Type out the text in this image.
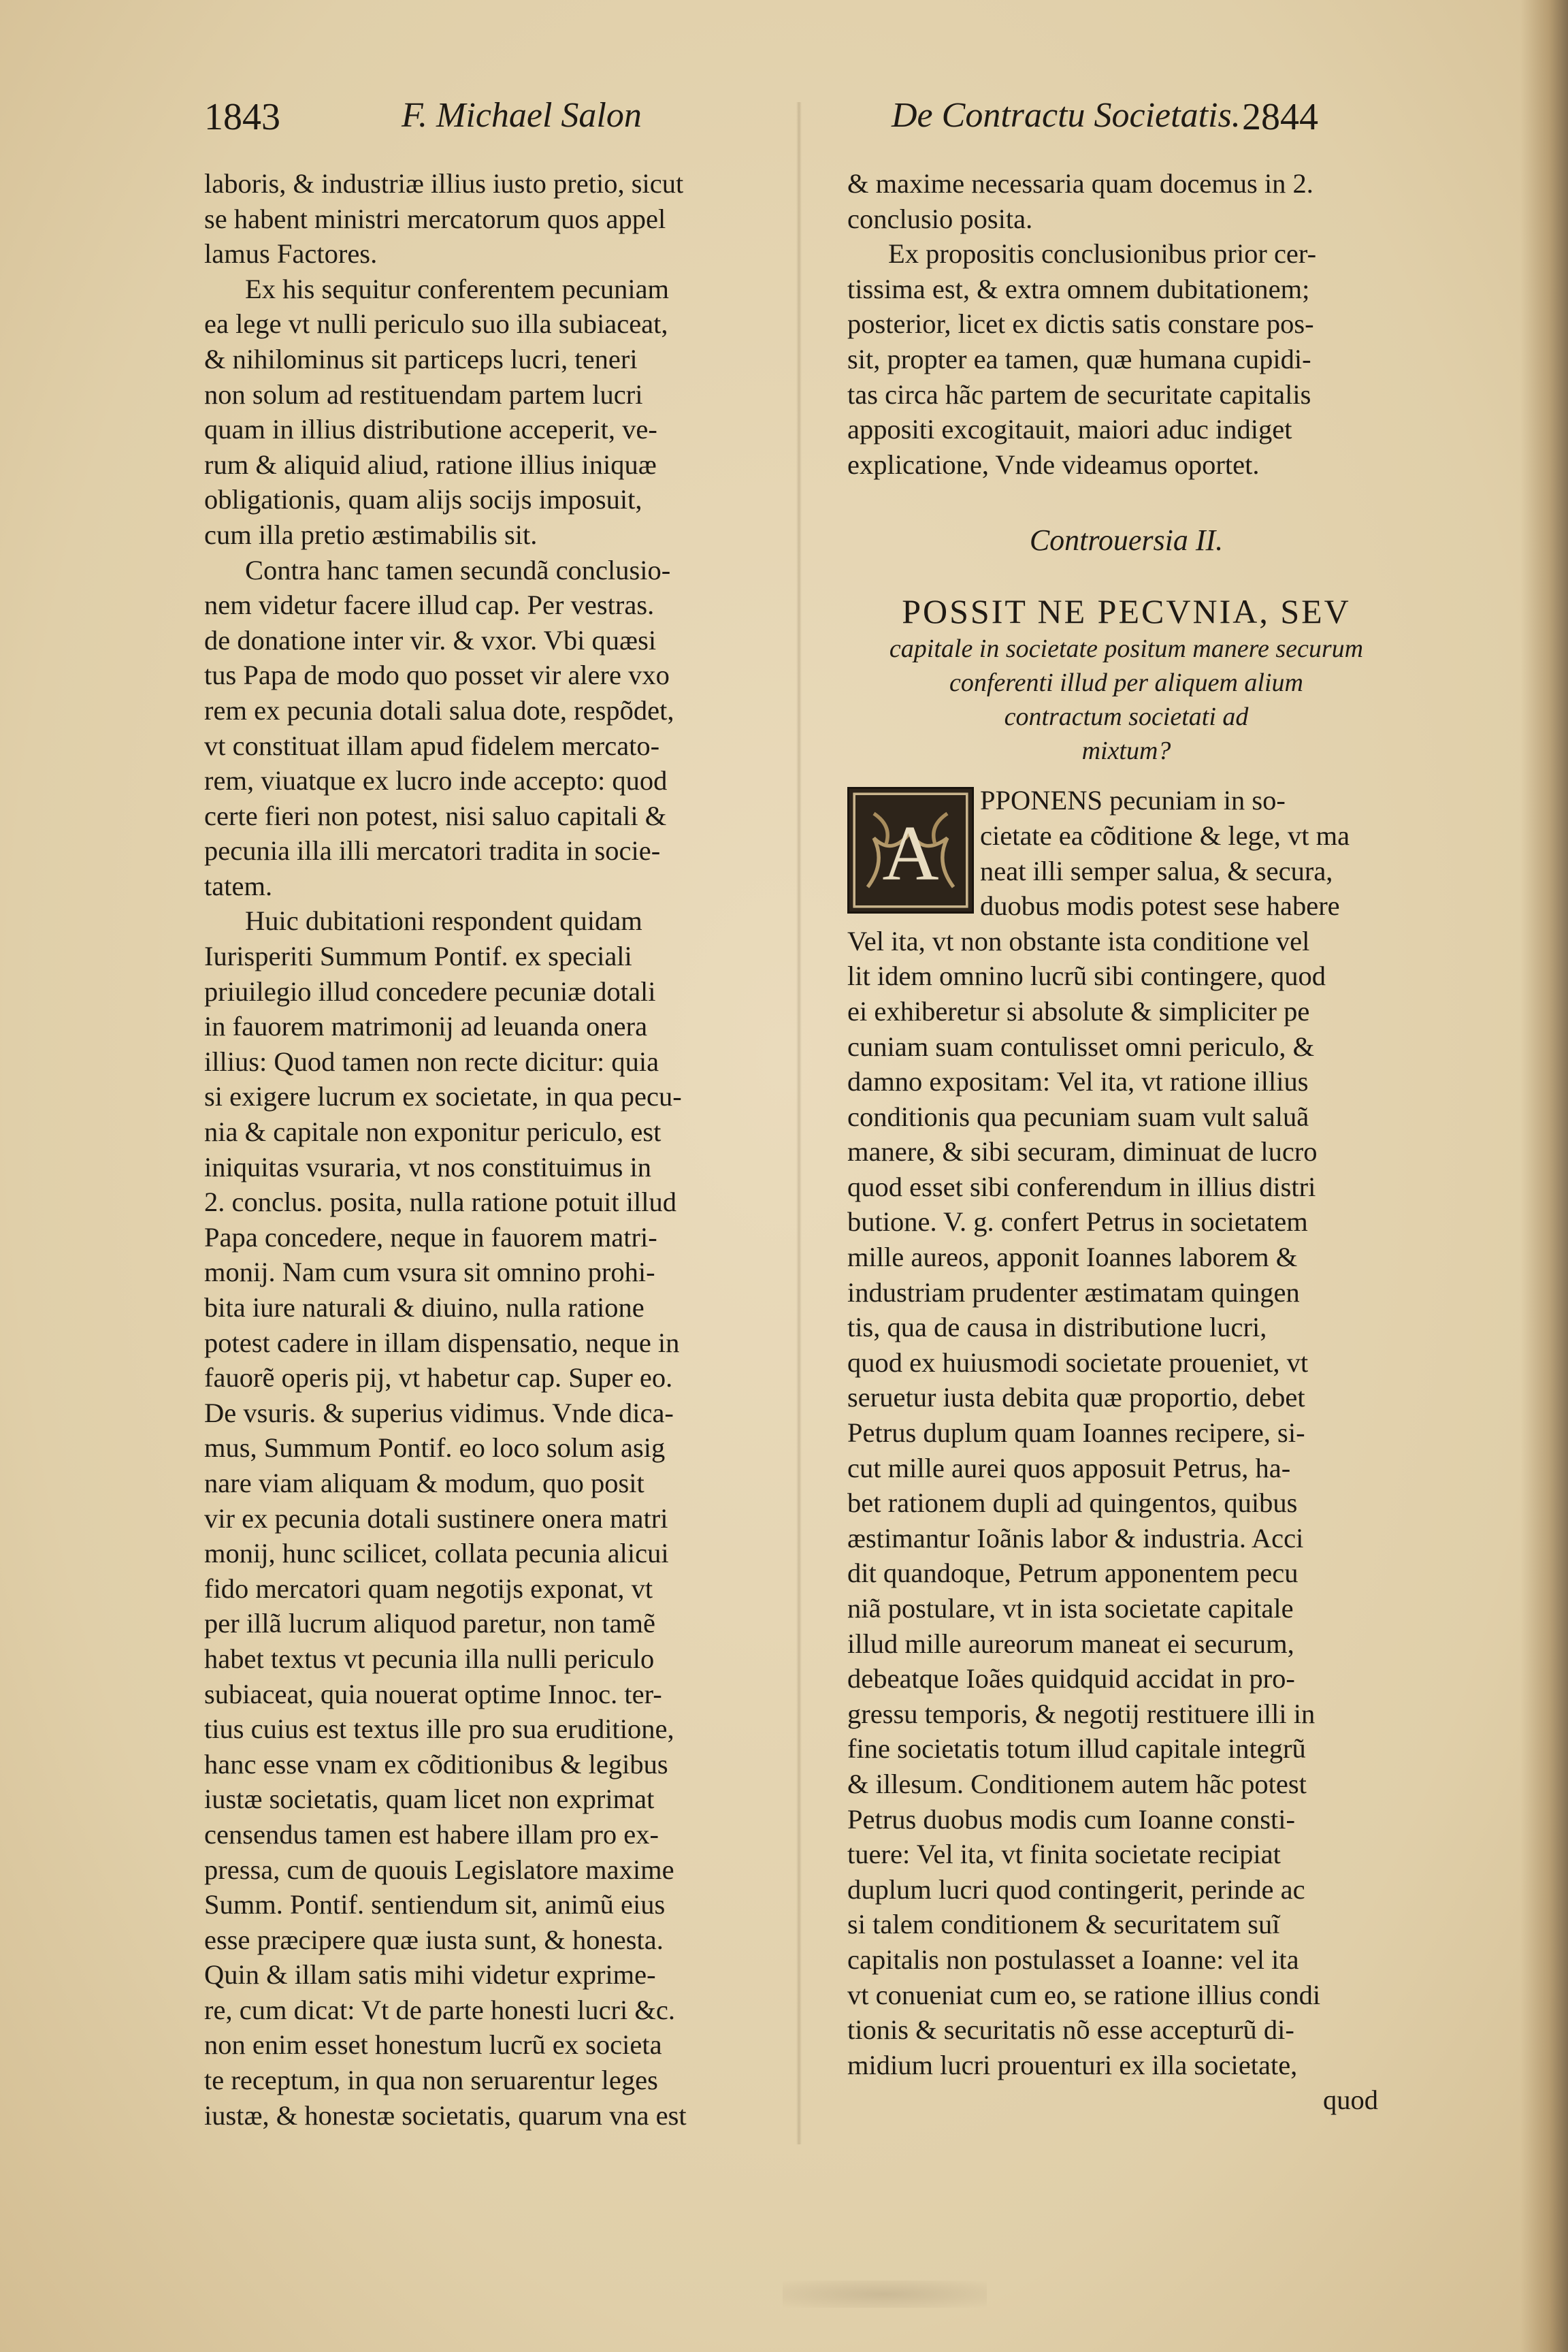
1843	F. Michael Salon	De Contractu Societatis. 2844
laboris, & industriæ illius iusto pretio, sicut
se habent ministri mercatorum quos appel
lamus Factores.
Ex his sequitur conferentem pecuniam
ea lege vt nulli periculo suo illa subiaceat,
& nihilominus sit particeps lucri, teneri
non solum ad restituendam partem lucri
quam in illius distributione acceperit, ve-
rum & aliquid aliud, ratione illius iniquæ
obligationis, quam alijs socijs imposuit,
cum illa pretio æstimabilis sit.
Contra hanc tamen secundã conclusio-
nem videtur facere illud cap. Per vestras.
de donatione inter vir. & vxor. Vbi quæsi
tus Papa de modo quo posset vir alere vxo
rem ex pecunia dotali salua dote, respõdet,
vt constituat illam apud fidelem mercato-
rem, viuatque ex lucro inde accepto: quod
certe fieri non potest, nisi saluo capitali &
pecunia illa illi mercatori tradita in socie-
tatem.
Huic dubitationi respondent quidam
Iurisperiti Summum Pontif. ex speciali
priuilegio illud concedere pecuniæ dotali
in fauorem matrimonij ad leuanda onera
illius: Quod tamen non recte dicitur: quia
si exigere lucrum ex societate, in qua pecu-
nia & capitale non exponitur periculo, est
iniquitas vsuraria, vt nos constituimus in
2. conclus. posita, nulla ratione potuit illud
Papa concedere, neque in fauorem matri-
monij. Nam cum vsura sit omnino prohi-
bita iure naturali & diuino, nulla ratione
potest cadere in illam dispensatio, neque in
fauorẽ operis pij, vt habetur cap. Super eo.
De vsuris. & superius vidimus. Vnde dica-
mus, Summum Pontif. eo loco solum asig
nare viam aliquam & modum, quo posit
vir ex pecunia dotali sustinere onera matri
monij, hunc scilicet, collata pecunia alicui
fido mercatori quam negotijs exponat, vt
per illã lucrum aliquod paretur, non tamẽ
habet textus vt pecunia illa nulli periculo
subiaceat, quia nouerat optime Innoc. ter-
tius cuius est textus ille pro sua eruditione,
hanc esse vnam ex cõditionibus & legibus
iustæ societatis, quam licet non exprimat
censendus tamen est habere illam pro ex-
pressa, cum de quouis Legislatore maxime
Summ. Pontif. sentiendum sit, animũ eius
esse præcipere quæ iusta sunt, & honesta.
Quin & illam satis mihi videtur exprime-
re, cum dicat: Vt de parte honesti lucri &c.
non enim esset honestum lucrũ ex societa
te receptum, in qua non seruarentur leges
iustæ, & honestæ societatis, quarum vna est
& maxime necessaria quam docemus in 2.
conclusio posita.
Ex propositis conclusionibus prior cer-
tissima est, & extra omnem dubitationem;
posterior, licet ex dictis satis constare pos-
sit, propter ea tamen, quæ humana cupidi-
tas circa hãc partem de securitate capitalis
appositi excogitauit, maiori aduc indiget
explicatione, Vnde videamus oportet.
Controuersia II.
POSSIT NE PECVNIA, SEV
capitale in societate positum manere securum
conferenti illud per aliquem alium
contractum societati ad
mixtum?
A
PPONENS pecuniam in so-
cietate ea cõditione & lege, vt ma
neat illi semper salua, & secura,
duobus modis potest sese habere
Vel ita, vt non obstante ista conditione vel
lit idem omnino lucrũ sibi contingere, quod
ei exhiberetur si absolute & simpliciter pe
cuniam suam contulisset omni periculo, &
damno expositam: Vel ita, vt ratione illius
conditionis qua pecuniam suam vult saluã
manere, & sibi securam, diminuat de lucro
quod esset sibi conferendum in illius distri
butione. V. g. confert Petrus in societatem
mille aureos, apponit Ioannes laborem &
industriam prudenter æstimatam quingen
tis, qua de causa in distributione lucri,
quod ex huiusmodi societate proueniet, vt
seruetur iusta debita quæ proportio, debet
Petrus duplum quam Ioannes recipere, si-
cut mille aurei quos apposuit Petrus, ha-
bet rationem dupli ad quingentos, quibus
æstimantur Ioãnis labor & industria. Acci
dit quandoque, Petrum apponentem pecu
niã postulare, vt in ista societate capitale
illud mille aureorum maneat ei securum,
debeatque Ioães quidquid accidat in pro-
gressu temporis, & negotij restituere illi in
fine societatis totum illud capitale integrũ
& illesum. Conditionem autem hãc potest
Petrus duobus modis cum Ioanne consti-
tuere: Vel ita, vt finita societate recipiat
duplum lucri quod contingerit, perinde ac
si talem conditionem & securitatem suĩ
capitalis non postulasset a Ioanne: vel ita
vt conueniat cum eo, se ratione illius condi
tionis & securitatis nõ esse accepturũ di-
midium lucri prouenturi ex illa societate,
quod
